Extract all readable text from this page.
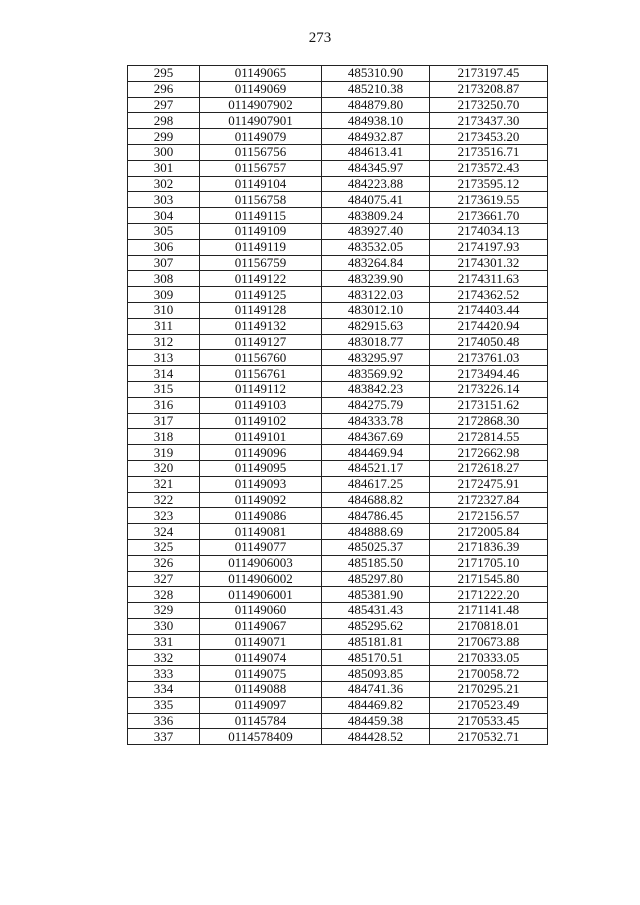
273
295	01149065	485310.90	2173197.45
296	01149069	485210.38	2173208.87
297	0114907902	484879.80	2173250.70
298	0114907901	484938.10	2173437.30
299	01149079	484932.87	2173453.20
300	01156756	484613.41	2173516.71
301	01156757	484345.97	2173572.43
302	01149104	484223.88	2173595.12
303	01156758	484075.41	2173619.55
304	01149115	483809.24	2173661.70
305	01149109	483927.40	2174034.13
306	01149119	483532.05	2174197.93
307	01156759	483264.84	2174301.32
308	01149122	483239.90	2174311.63
309	01149125	483122.03	2174362.52
310	01149128	483012.10	2174403.44
311	01149132	482915.63	2174420.94
312	01149127	483018.77	2174050.48
313	01156760	483295.97	2173761.03
314	01156761	483569.92	2173494.46
315	01149112	483842.23	2173226.14
316	01149103	484275.79	2173151.62
317	01149102	484333.78	2172868.30
318	01149101	484367.69	2172814.55
319	01149096	484469.94	2172662.98
320	01149095	484521.17	2172618.27
321	01149093	484617.25	2172475.91
322	01149092	484688.82	2172327.84
323	01149086	484786.45	2172156.57
324	01149081	484888.69	2172005.84
325	01149077	485025.37	2171836.39
326	0114906003	485185.50	2171705.10
327	0114906002	485297.80	2171545.80
328	0114906001	485381.90	2171222.20
329	01149060	485431.43	2171141.48
330	01149067	485295.62	2170818.01
331	01149071	485181.81	2170673.88
332	01149074	485170.51	2170333.05
333	01149075	485093.85	2170058.72
334	01149088	484741.36	2170295.21
335	01149097	484469.82	2170523.49
336	01145784	484459.38	2170533.45
337	0114578409	484428.52	2170532.71
